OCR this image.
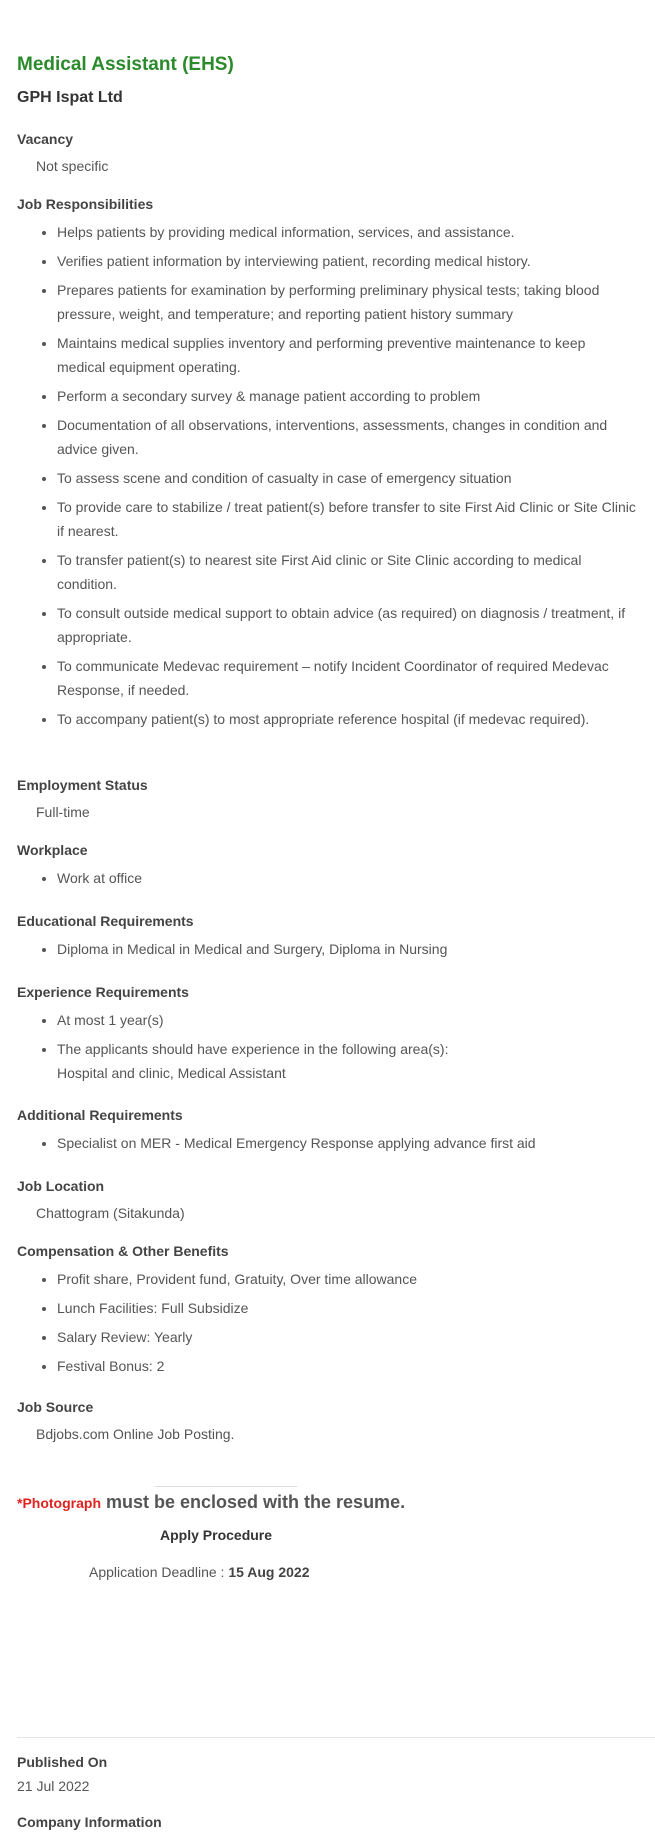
Medical Assistant (EHS)
GPH Ispat Ltd
Vacancy
Not specific
Job Responsibilities
• Helps patients by providing medical information, services, and assistance.
• Verifies patient information by interviewing patient, recording medical history.
• Prepares patients for examination by performing preliminary physical tests; taking blood pressure, weight, and temperature; and reporting patient history summary
• Maintains medical supplies inventory and performing preventive maintenance to keep medical equipment operating.
• Perform a secondary survey & manage patient according to problem
• Documentation of all observations, interventions, assessments, changes in condition and advice given.
• To assess scene and condition of casualty in case of emergency situation
• To provide care to stabilize / treat patient(s) before transfer to site First Aid Clinic or Site Clinic if nearest.
• To transfer patient(s) to nearest site First Aid clinic or Site Clinic according to medical condition.
• To consult outside medical support to obtain advice (as required) on diagnosis / treatment, if appropriate.
• To communicate Medevac requirement – notify Incident Coordinator of required Medevac Response, if needed.
• To accompany patient(s) to most appropriate reference hospital (if medevac required).
Employment Status
Full-time
Workplace
• Work at office
Educational Requirements
• Diploma in Medical in Medical and Surgery, Diploma in Nursing
Experience Requirements
• At most 1 year(s)
• The applicants should have experience in the following area(s):
Hospital and clinic, Medical Assistant
Additional Requirements
• Specialist on MER - Medical Emergency Response applying advance first aid
Job Location
Chattogram (Sitakunda)
Compensation & Other Benefits
• Profit share, Provident fund, Gratuity, Over time allowance
• Lunch Facilities: Full Subsidize
• Salary Review: Yearly
• Festival Bonus: 2
Job Source
Bdjobs.com Online Job Posting.
*Photograph must be enclosed with the resume.
Apply Procedure
Application Deadline : 15 Aug 2022
Published On
21 Jul 2022
Company Information
